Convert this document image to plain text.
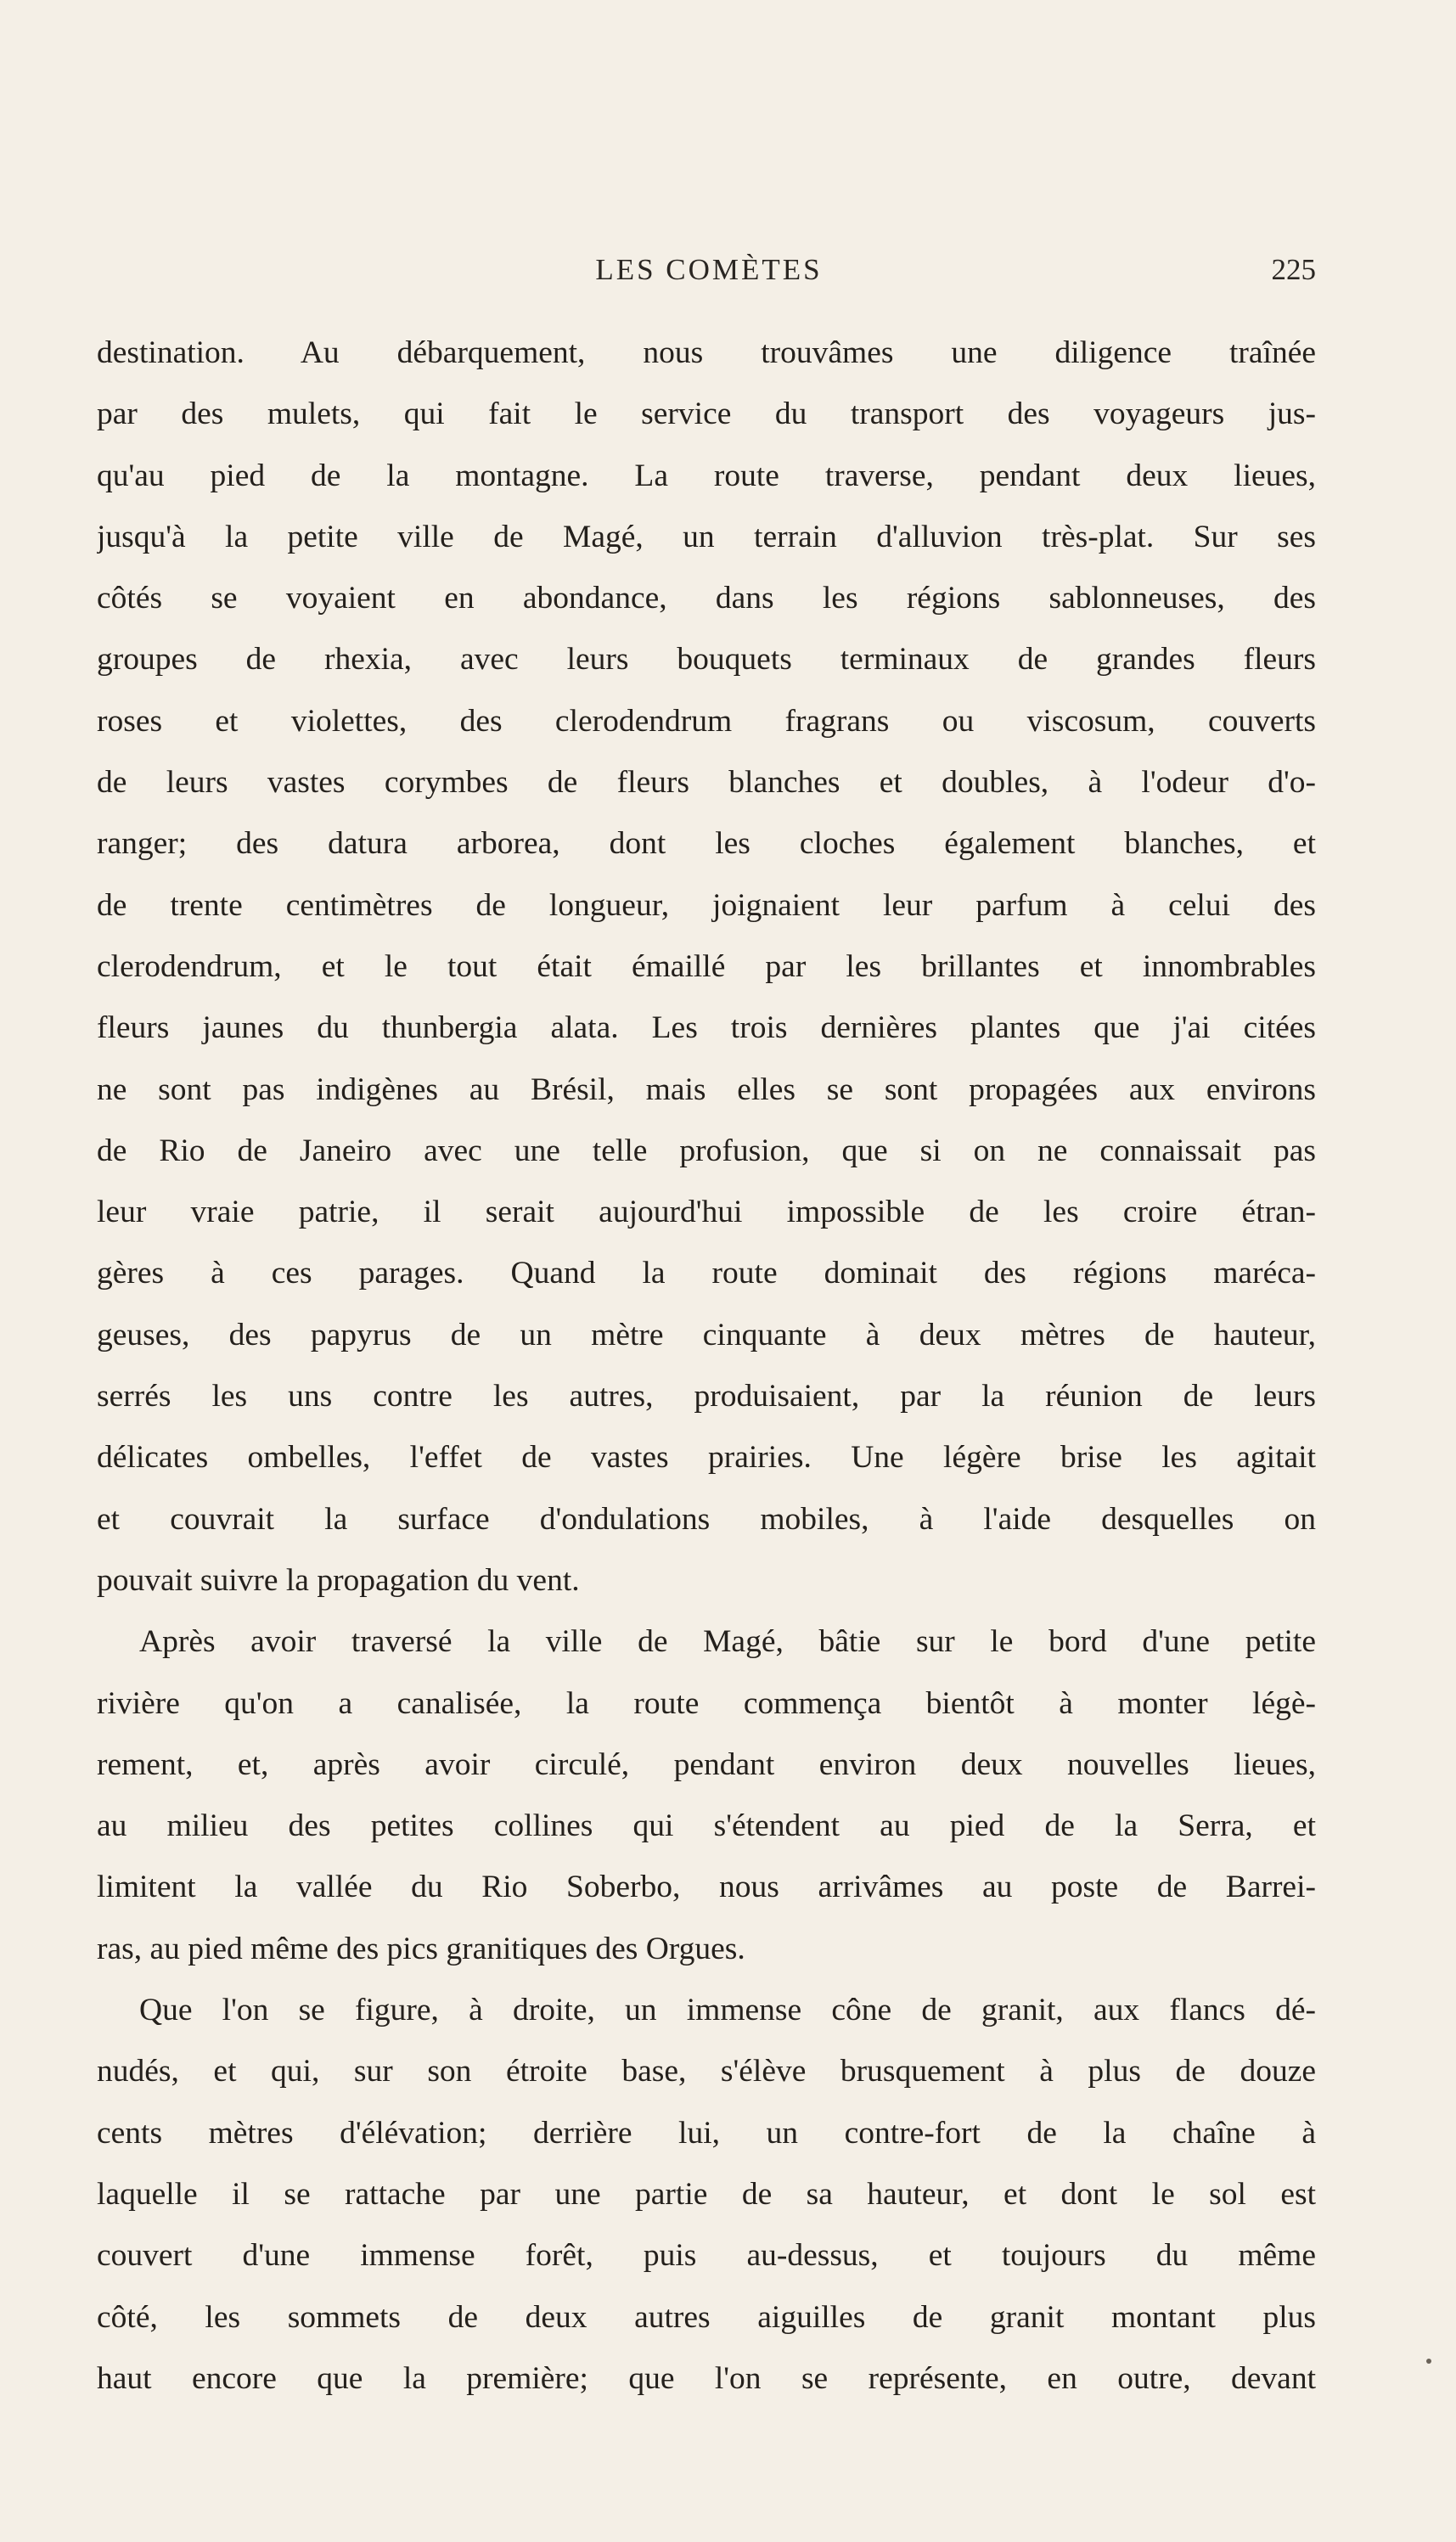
LES COMÈTES	225
destination. Au débarquement, nous trouvâmes une diligence traînée
par des mulets, qui fait le service du transport des voyageurs jus-
qu'au pied de la montagne. La route traverse, pendant deux lieues,
jusqu'à la petite ville de Magé, un terrain d'alluvion très-plat. Sur ses
côtés se voyaient en abondance, dans les régions sablonneuses, des
groupes de rhexia, avec leurs bouquets terminaux de grandes fleurs
roses et violettes, des clerodendrum fragrans ou viscosum, couverts
de leurs vastes corymbes de fleurs blanches et doubles, à l'odeur d'o-
ranger; des datura arborea, dont les cloches également blanches, et
de trente centimètres de longueur, joignaient leur parfum à celui des
clerodendrum, et le tout était émaillé par les brillantes et innombrables
fleurs jaunes du thunbergia alata. Les trois dernières plantes que j'ai citées
ne sont pas indigènes au Brésil, mais elles se sont propagées aux environs
de Rio de Janeiro avec une telle profusion, que si on ne connaissait pas
leur vraie patrie, il serait aujourd'hui impossible de les croire étran-
gères à ces parages. Quand la route dominait des régions maréca-
geuses, des papyrus de un mètre cinquante à deux mètres de hauteur,
serrés les uns contre les autres, produisaient, par la réunion de leurs
délicates ombelles, l'effet de vastes prairies. Une légère brise les agitait
et couvrait la surface d'ondulations mobiles, à l'aide desquelles on
pouvait suivre la propagation du vent.
Après avoir traversé la ville de Magé, bâtie sur le bord d'une petite
rivière qu'on a canalisée, la route commença bientôt à monter légè-
rement, et, après avoir circulé, pendant environ deux nouvelles lieues,
au milieu des petites collines qui s'étendent au pied de la Serra, et
limitent la vallée du Rio Soberbo, nous arrivâmes au poste de Barrei-
ras, au pied même des pics granitiques des Orgues.
Que l'on se figure, à droite, un immense cône de granit, aux flancs dé-
nudés, et qui, sur son étroite base, s'élève brusquement à plus de douze
cents mètres d'élévation; derrière lui, un contre-fort de la chaîne à
laquelle il se rattache par une partie de sa hauteur, et dont le sol est
couvert d'une immense forêt, puis au-dessus, et toujours du même
côté, les sommets de deux autres aiguilles de granit montant plus
haut encore que la première; que l'on se représente, en outre, devant
